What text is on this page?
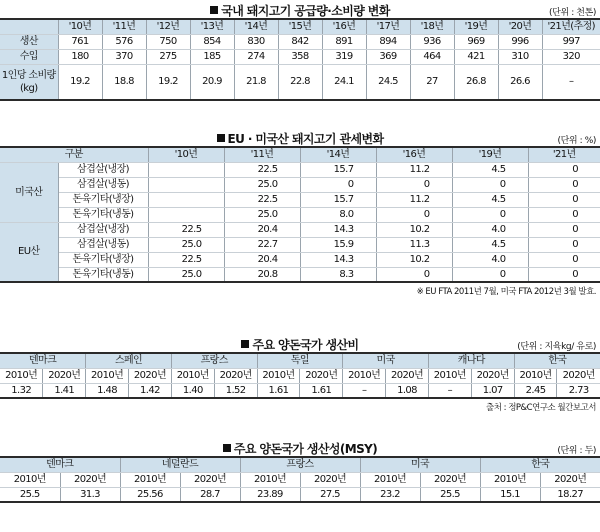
국내 돼지고기 공급량·소비량 변화	(단위 : 천톤)
	'10년	'11년	'12년	'13년	'14년	'15년	'16년	'17년	'18년	'19년	'20년	'21년(추정)
생산	761	576	750	854	830	842	891	894	936	969	996	997
수입	180	370	275	185	274	358	319	369	464	421	310	320
1인당 소비량 (kg)	19.2	18.8	19.2	20.9	21.8	22.8	24.1	24.5	27	26.8	26.6	–
EU · 미국산 돼지고기 관세변화	(단위 : %)
구분		'10년	'11년	'14년	'16년	'19년	'21년
미국산	삼겹살(냉장)		22.5	15.7	11.2	4.5	0
	삼겹살(냉동)		25.0	0	0	0	0
	돈육기타(냉장)		22.5	15.7	11.2	4.5	0
	돈육기타(냉동)		25.0	8.0	0	0	0
EU산	삼겹살(냉장)	22.5	20.4	14.3	10.2	4.0	0
	삼겹살(냉동)	25.0	22.7	15.9	11.3	4.5	0
	돈육기타(냉장)	22.5	20.4	14.3	10.2	4.0	0
	돈육기타(냉동)	25.0	20.8	8.3	0	0	0
※ EU FTA 2011년 7월, 미국 FTA 2012년 3월 발효.
주요 양돈국가 생산비	(단위 : 지육kg/ 유로)
덴마크		스페인		프랑스		독일		미국		캐나다		한국	
2010년	2020년	2010년	2020년	2010년	2020년	2010년	2020년	2010년	2020년	2010년	2020년	2010년	2020년
1.32	1.41	1.48	1.42	1.40	1.52	1.61	1.61	–	1.08	–	1.07	2.45	2.73
출처 : 정P&C연구소 월간보고서
주요 양돈국가 생산성(MSY)	(단위 : 두)
덴마크		네덜란드		프랑스		미국		한국	
2010년	2020년	2010년	2020년	2010년	2020년	2010년	2020년	2010년	2020년
25.5	31.3	25.56	28.7	23.89	27.5	23.2	25.5	15.1	18.27
